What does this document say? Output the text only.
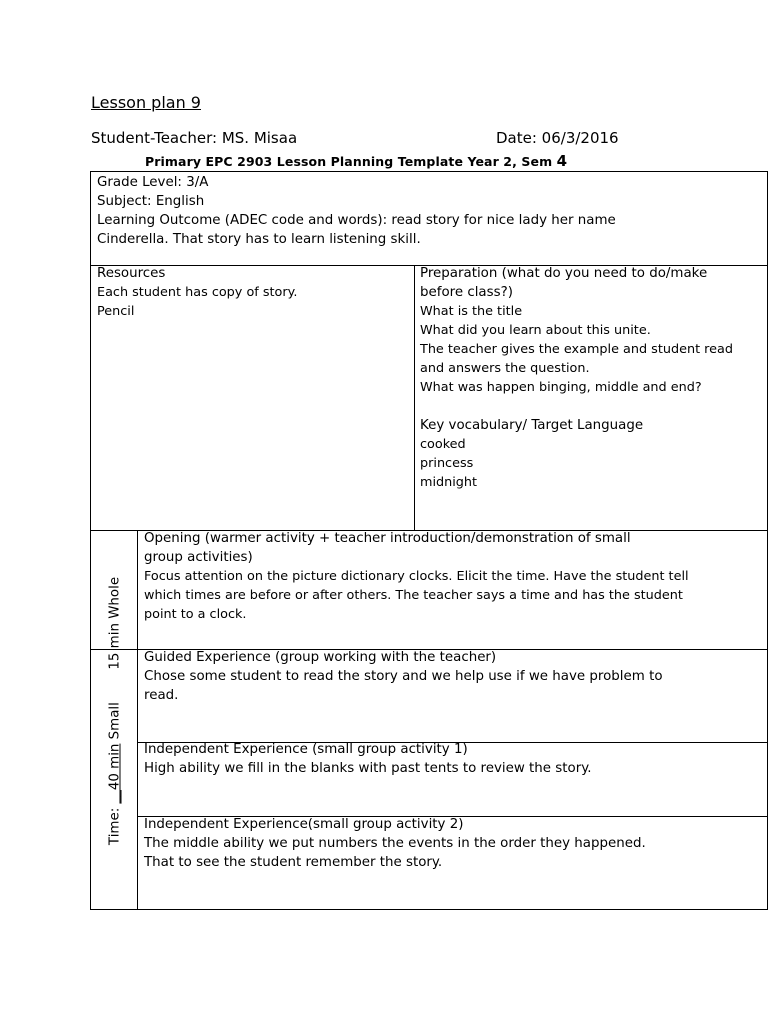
Lesson plan 9
Student-Teacher: MS. Misaa	Date: 06/3/2016
Primary EPC 2903 Lesson Planning Template Year 2, Sem 4
Grade Level: 3/A
Subject: English
Learning Outcome (ADEC code and words): read story for nice lady her name
Cinderella. That story has to learn listening skill.
Resources
Each student has copy of story.
Pencil
Preparation (what do you need to do/make
before class?)
What is the title
What did you learn about this unite.
The teacher gives the example and student read
and answers the question.
What was happen binging, middle and end?
Key vocabulary/ Target Language
cooked
princess
midnight
Time: __40 min Small  15 min Whole
Opening (warmer activity + teacher introduction/demonstration of small
group activities)
Focus attention on the picture dictionary clocks. Elicit the time. Have the student tell
which times are before or after others. The teacher says a time and has the student
point to a clock.
Guided Experience (group working with the teacher)
Chose some student to read the story and we help use if we have problem to
read.
Independent Experience (small group activity 1)
High ability we fill in the blanks with past tents to review the story.
Independent Experience(small group activity 2)
The middle ability we put numbers the events in the order they happened.
That to see the student remember the story.
